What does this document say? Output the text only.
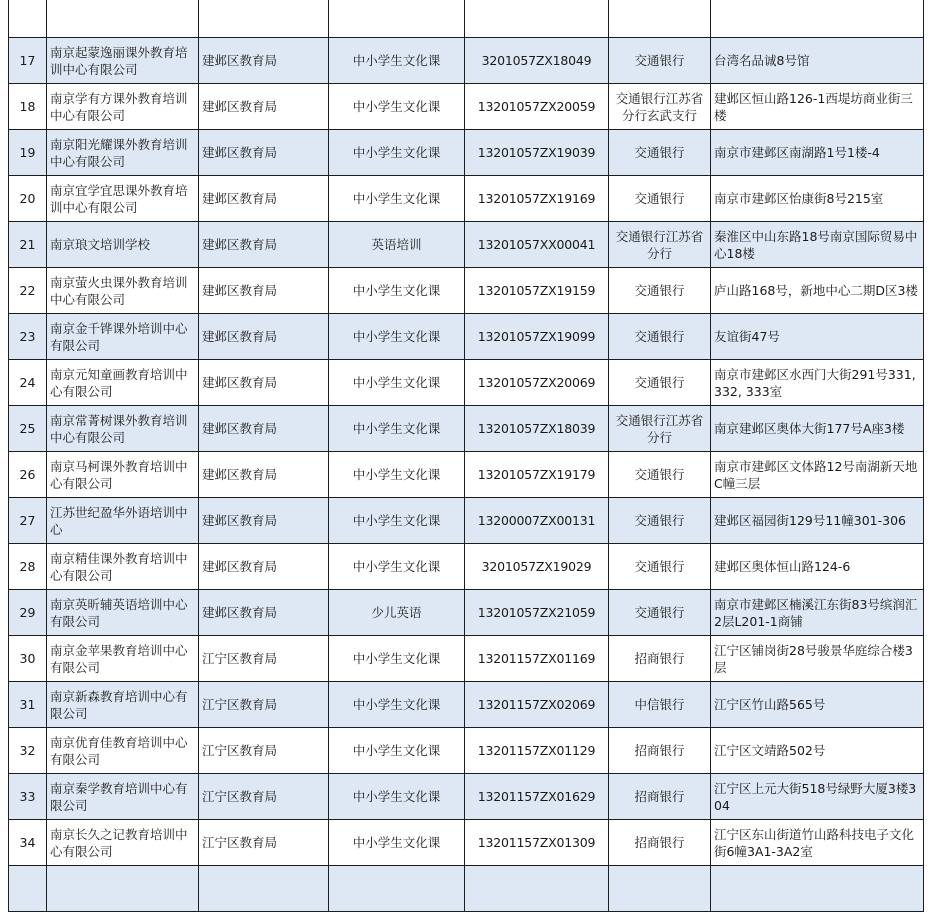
17	南京起蒙逸丽课外教育培训中心有限公司	建邺区教育局	中小学生文化课	3201057ZX18049	交通银行	台湾名品诚8号馆
18	南京学有方课外教育培训中心有限公司	建邺区教育局	中小学生文化课	13201057ZX20059	交通银行江苏省分行玄武支行	建邺区恒山路126-1西堤坊商业街三楼
19	南京阳光耀课外教育培训中心有限公司	建邺区教育局	中小学生文化课	13201057ZX19039	交通银行	南京市建邺区南湖路1号1楼-4
20	南京宜学宜思课外教育培训中心有限公司	建邺区教育局	中小学生文化课	13201057ZX19169	交通银行	南京市建邺区怡康街8号215室
21	南京琅文培训学校	建邺区教育局	英语培训	13201057XX00041	交通银行江苏省分行	秦淮区中山东路18号南京国际贸易中心18楼
22	南京萤火虫课外教育培训中心有限公司	建邺区教育局	中小学生文化课	13201057ZX19159	交通银行	庐山路168号，新地中心二期D区3楼
23	南京金千铧课外培训中心有限公司	建邺区教育局	中小学生文化课	13201057ZX19099	交通银行	友谊街47号
24	南京元知童画教育培训中心有限公司	建邺区教育局	中小学生文化课	13201057ZX20069	交通银行	南京市建邺区水西门大街291号331, 332, 333室
25	南京常菁树课外教育培训中心有限公司	建邺区教育局	中小学生文化课	13201057ZX18039	交通银行江苏省分行	南京建邺区奥体大街177号A座3楼
26	南京马柯课外教育培训中心有限公司	建邺区教育局	中小学生文化课	13201057ZX19179	交通银行	南京市建邺区文体路12号南湖新天地C幢三层
27	江苏世纪盈华外语培训中心	建邺区教育局	中小学生文化课	13200007ZX00131	交通银行	建邺区福园街129号11幢301-306
28	南京精佳课外教育培训中心有限公司	建邺区教育局	中小学生文化课	3201057ZX19029	交通银行	建邺区奥体恒山路124-6
29	南京英昕辅英语培训中心有限公司	建邺区教育局	少儿英语	13201057ZX21059	交通银行	南京市建邺区楠溪江东街83号缤润汇2层L201-1商铺
30	南京金苹果教育培训中心有限公司	江宁区教育局	中小学生文化课	13201157ZX01169	招商银行	江宁区铺岗街28号骏景华庭综合楼3层
31	南京新森教育培训中心有限公司	江宁区教育局	中小学生文化课	13201157ZX02069	中信银行	江宁区竹山路565号
32	南京优育佳教育培训中心有限公司	江宁区教育局	中小学生文化课	13201157ZX01129	招商银行	江宁区文靖路502号
33	南京秦学教育培训中心有限公司	江宁区教育局	中小学生文化课	13201157ZX01629	招商银行	江宁区上元大街518号绿野大厦3楼304
34	南京长久之记教育培训中心有限公司	江宁区教育局	中小学生文化课	13201157ZX01309	招商银行	江宁区东山街道竹山路科技电子文化街6幢3A1-3A2室
